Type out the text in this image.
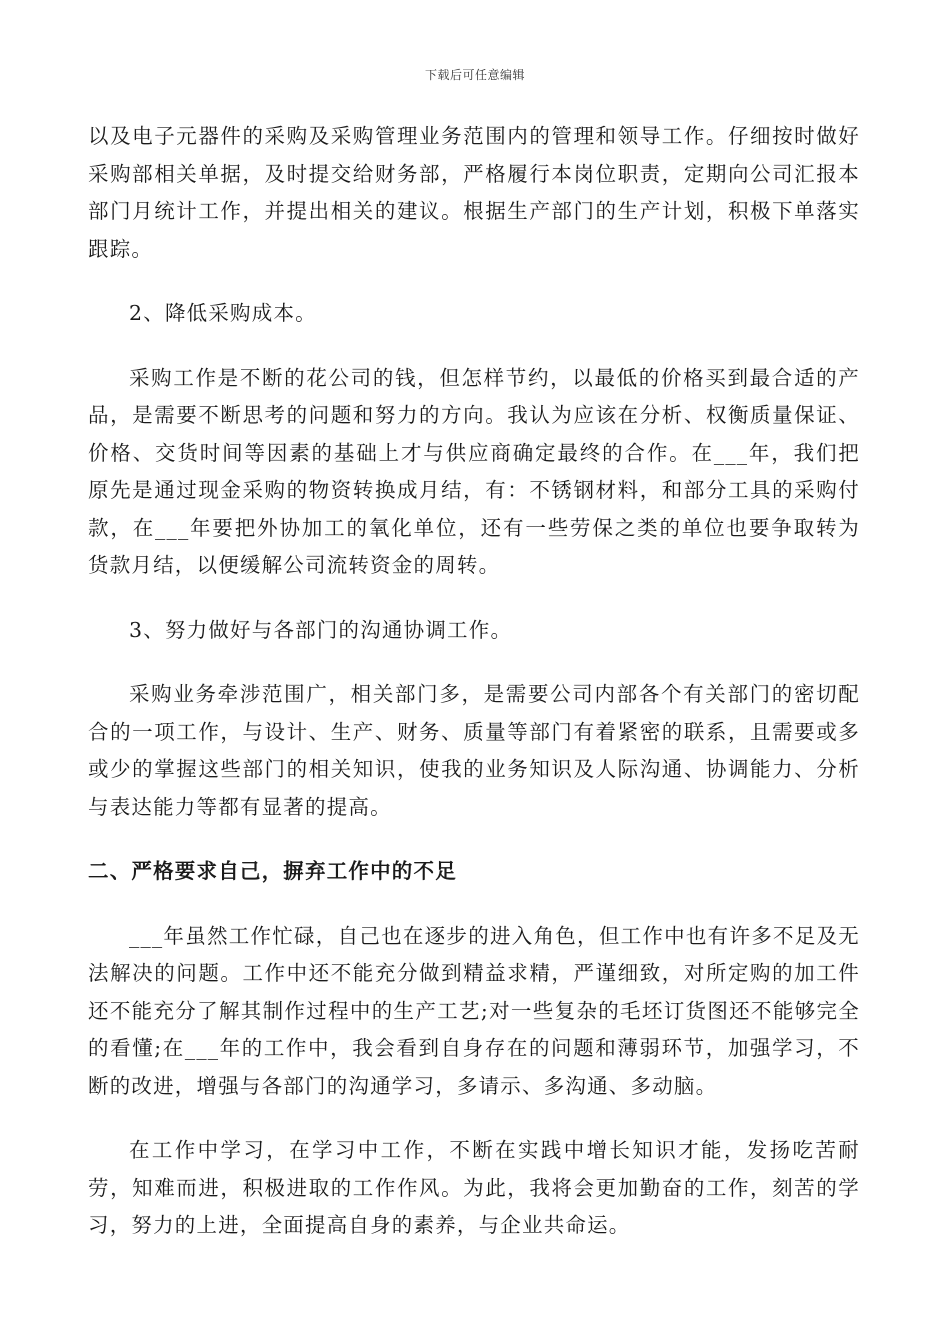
下载后可任意编辑

以及电子元器件的采购及采购管理业务范围内的管理和领导工作。仔细按时做好采购部相关单据，及时提交给财务部，严格履行本岗位职责，定期向公司汇报本部门月统计工作，并提出相关的建议。根据生产部门的生产计划，积极下单落实跟踪。

2、降低采购成本。

采购工作是不断的花公司的钱，但怎样节约，以最低的价格买到最合适的产品，是需要不断思考的问题和努力的方向。我认为应该在分析、权衡质量保证、价格、交货时间等因素的基础上才与供应商确定最终的合作。在___年，我们把原先是通过现金采购的物资转换成月结，有：不锈钢材料，和部分工具的采购付款，在___年要把外协加工的氧化单位，还有一些劳保之类的单位也要争取转为货款月结，以便缓解公司流转资金的周转。

3、努力做好与各部门的沟通协调工作。

采购业务牵涉范围广，相关部门多，是需要公司内部各个有关部门的密切配合的一项工作，与设计、生产、财务、质量等部门有着紧密的联系，且需要或多或少的掌握这些部门的相关知识，使我的业务知识及人际沟通、协调能力、分析与表达能力等都有显著的提高。

二、严格要求自己，摒弃工作中的不足

___年虽然工作忙碌，自己也在逐步的进入角色，但工作中也有许多不足及无法解决的问题。工作中还不能充分做到精益求精，严谨细致，对所定购的加工件还不能充分了解其制作过程中的生产工艺;对一些复杂的毛坯订货图还不能够完全的看懂;在___年的工作中，我会看到自身存在的问题和薄弱环节，加强学习，不断的改进，增强与各部门的沟通学习，多请示、多沟通、多动脑。

在工作中学习，在学习中工作，不断在实践中增长知识才能，发扬吃苦耐劳，知难而进，积极进取的工作作风。为此，我将会更加勤奋的工作，刻苦的学习，努力的上进，全面提高自身的素养，与企业共命运。
